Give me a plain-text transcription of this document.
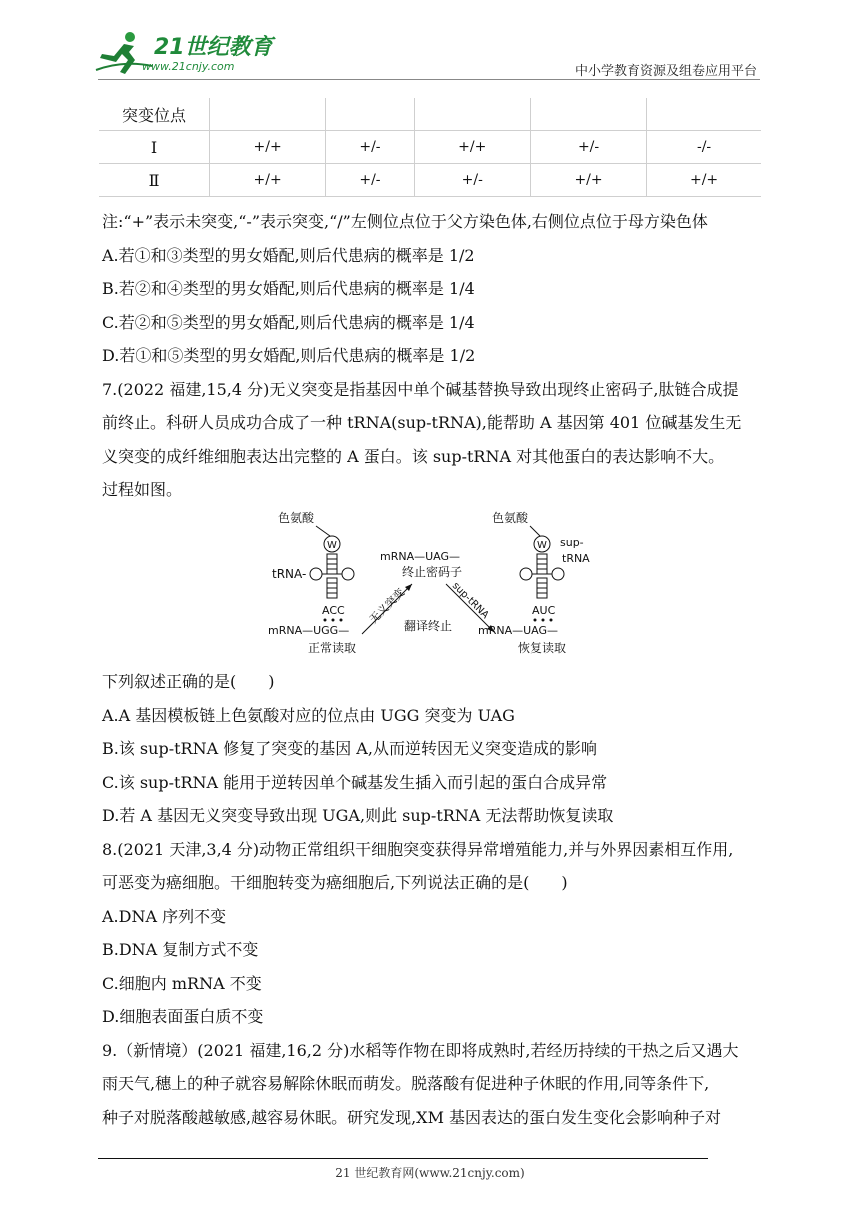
21世纪教育
www.21cnjy.com	中小学教育资源及组卷应用平台
突变位点					
Ⅰ	+/+	+/-	+/+	+/-	-/-
Ⅱ	+/+	+/-	+/-	+/+	+/+

注:“+”表示未突变,“-”表示突变,“/”左侧位点位于父方染色体,右侧位点位于母方染色体

A.若①和③类型的男女婚配,则后代患病的概率是 1/2

B.若②和④类型的男女婚配,则后代患病的概率是 1/4

C.若②和⑤类型的男女婚配,则后代患病的概率是 1/4

D.若①和⑤类型的男女婚配,则后代患病的概率是 1/2

7.(2022 福建,15,4 分)无义突变是指基因中单个碱基替换导致出现终止密码子,肽链合成提

前终止。科研人员成功合成了一种 tRNA(sup-tRNA),能帮助 A 基因第 401 位碱基发生无

义突变的成纤维细胞表达出完整的 A 蛋白。该 sup-tRNA 对其他蛋白的表达影响不大。

过程如图。

色氨酸
W
tRNA-
ACC
mRNA—UGG—
正常读取
mRNA—UAG—
终止密码子
无义突变	sup-tRNA
翻译终止
色氨酸
W sup-
tRNA
AUC
mRNA—UAG—
恢复读取

下列叙述正确的是(　　)

A.A 基因模板链上色氨酸对应的位点由 UGG 突变为 UAG

B.该 sup-tRNA 修复了突变的基因 A,从而逆转因无义突变造成的影响

C.该 sup-tRNA 能用于逆转因单个碱基发生插入而引起的蛋白合成异常

D.若 A 基因无义突变导致出现 UGA,则此 sup-tRNA 无法帮助恢复读取

8.(2021 天津,3,4 分)动物正常组织干细胞突变获得异常增殖能力,并与外界因素相互作用,

可恶变为癌细胞。干细胞转变为癌细胞后,下列说法正确的是(　　)

A.DNA 序列不变

B.DNA 复制方式不变

C.细胞内 mRNA 不变

D.细胞表面蛋白质不变

9.（新情境）(2021 福建,16,2 分)水稻等作物在即将成熟时,若经历持续的干热之后又遇大

雨天气,穗上的种子就容易解除休眠而萌发。脱落酸有促进种子休眠的作用,同等条件下,

种子对脱落酸越敏感,越容易休眠。研究发现,XM 基因表达的蛋白发生变化会影响种子对

21 世纪教育网(www.21cnjy.com)
